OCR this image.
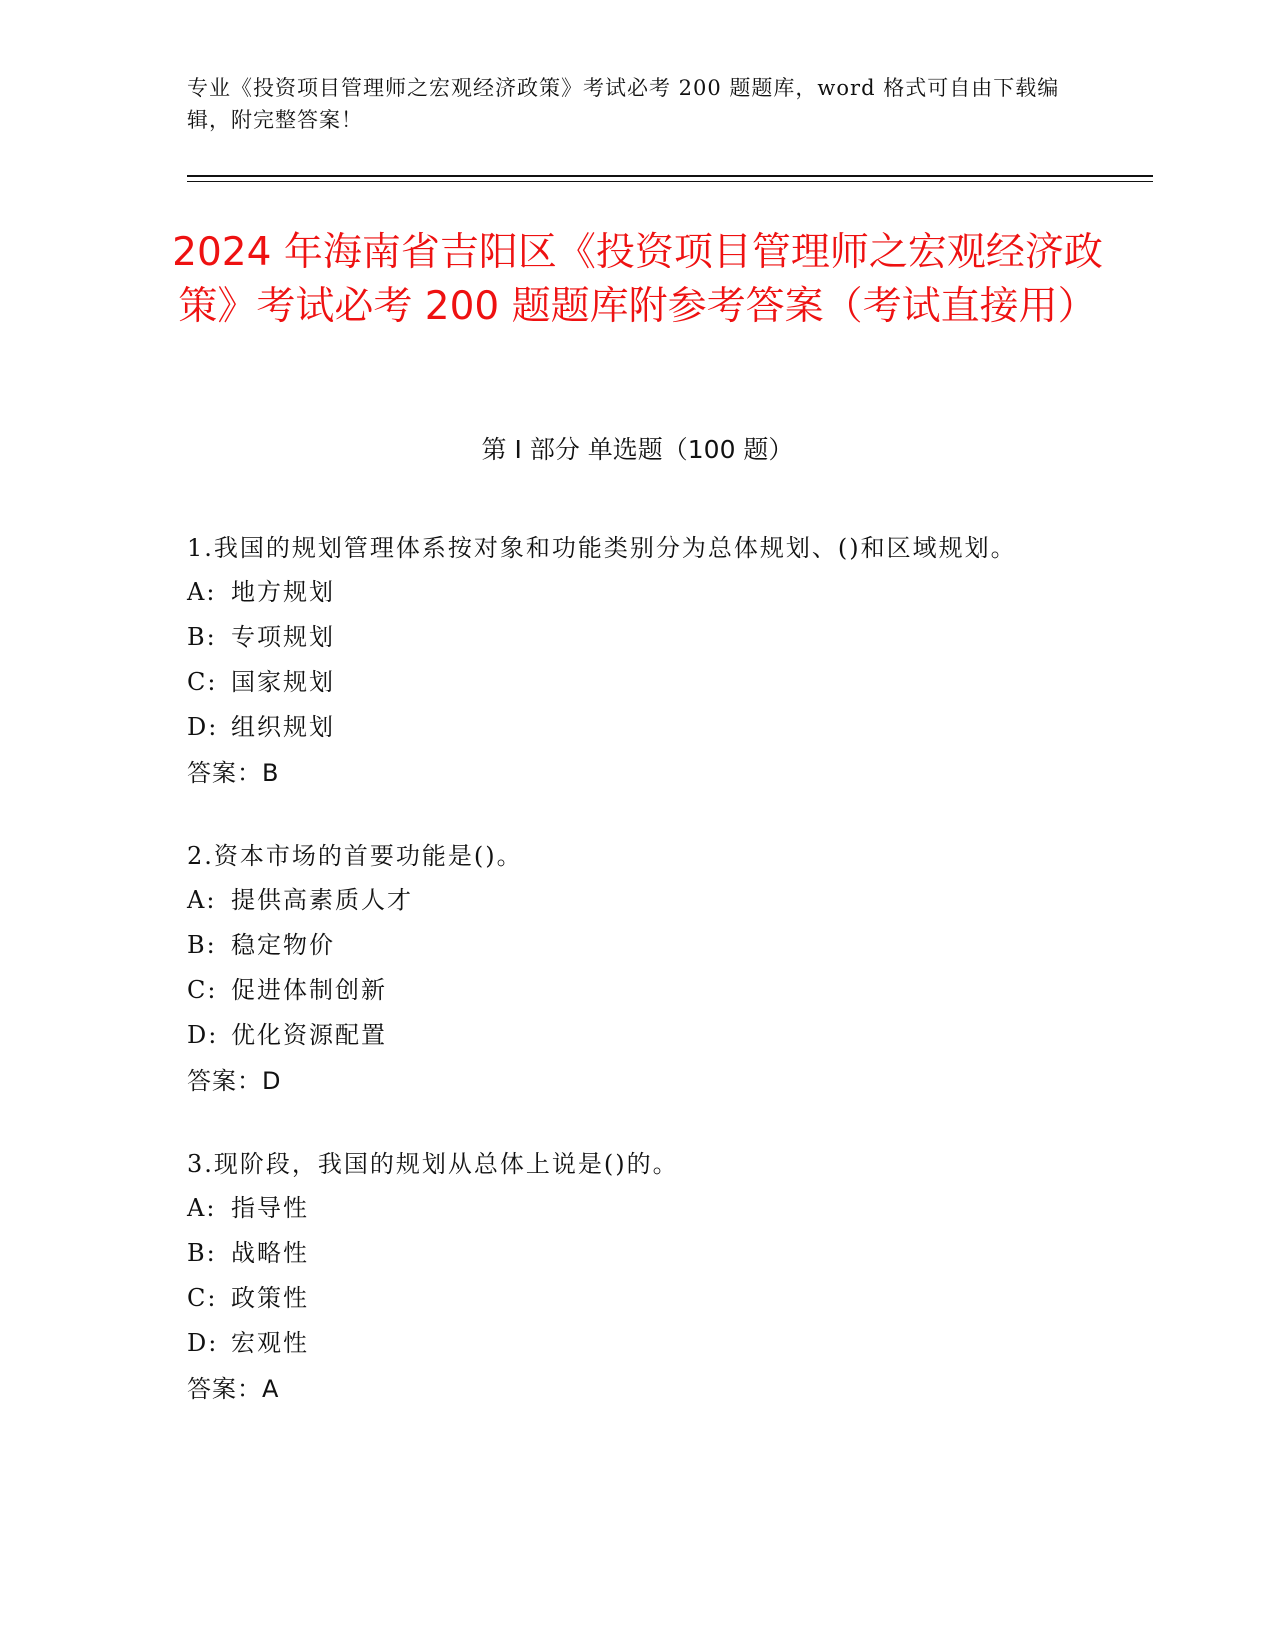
专业《投资项目管理师之宏观经济政策》考试必考 200 题题库，word 格式可自由下载编辑，附完整答案！
2024 年海南省吉阳区《投资项目管理师之宏观经济政策》考试必考 200 题题库附参考答案（考试直接用）
第 I 部分 单选题（100 题）
1.我国的规划管理体系按对象和功能类别分为总体规划、()和区域规划。
A: 地方规划
B: 专项规划
C: 国家规划
D: 组织规划
答案：B
2.资本市场的首要功能是()。
A: 提供高素质人才
B: 稳定物价
C: 促进体制创新
D: 优化资源配置
答案：D
3.现阶段，我国的规划从总体上说是()的。
A: 指导性
B: 战略性
C: 政策性
D: 宏观性
答案：A
